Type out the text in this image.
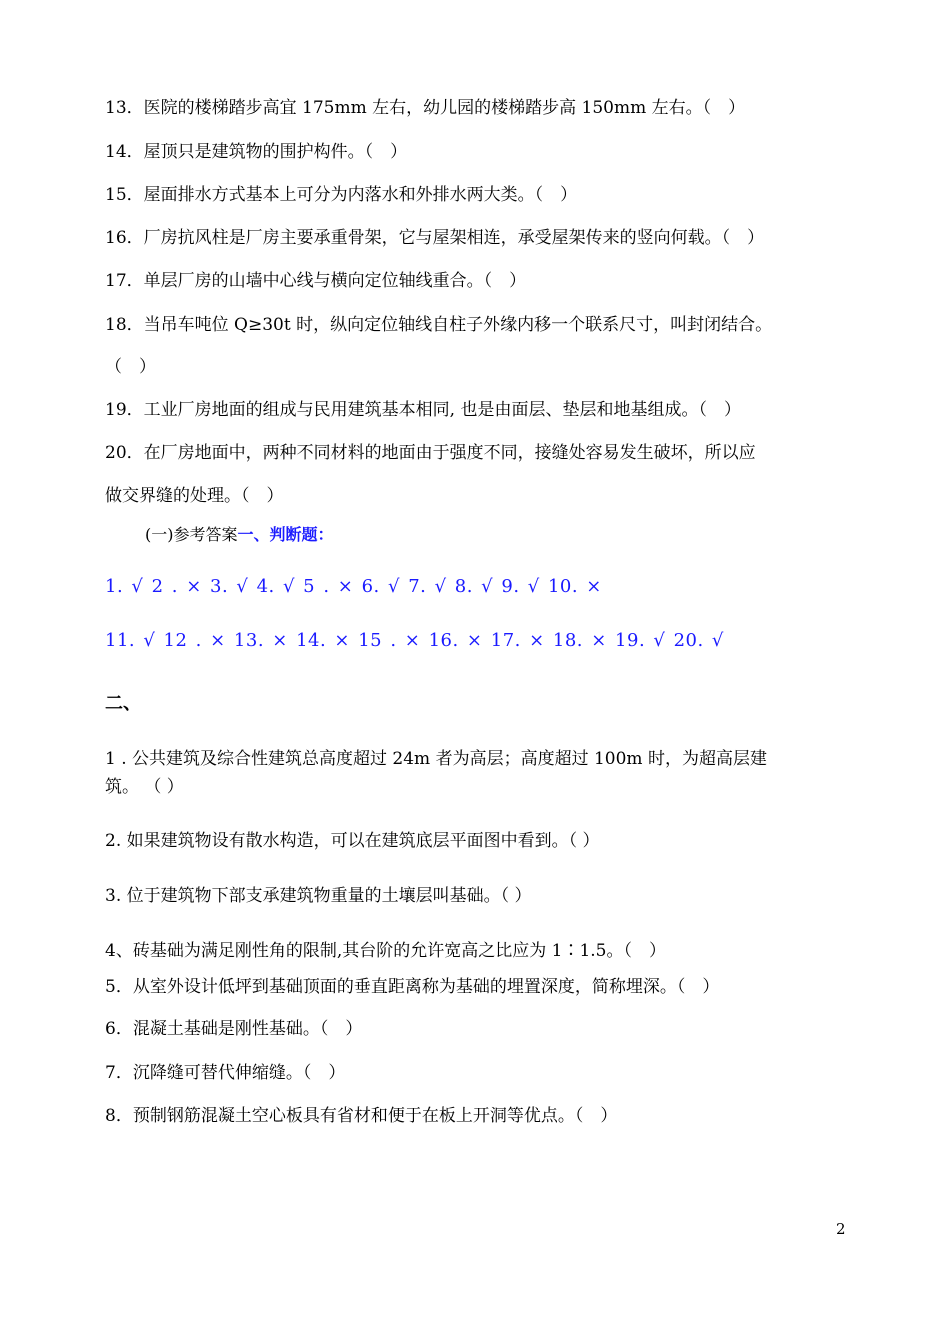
13．医院的楼梯踏步高宜 175mm 左右，幼儿园的楼梯踏步高 150mm 左右。（　）
14．屋顶只是建筑物的围护构件。（　）
15．屋面排水方式基本上可分为内落水和外排水两大类。（　）
16．厂房抗风柱是厂房主要承重骨架，它与屋架相连，承受屋架传来的竖向何载。（　）
17．单层厂房的山墙中心线与横向定位轴线重合。（　）
18．当吊车吨位 Q≥30t 时，纵向定位轴线自柱子外缘内移一个联系尺寸，叫封闭结合。
（　）
19．工业厂房地面的组成与民用建筑基本相同, 也是由面层、垫层和地基组成。（　）
20．在厂房地面中，两种不同材料的地面由于强度不同，接缝处容易发生破坏，所以应
做交界缝的处理。（　）
(一)参考答案一、判断题：
1. √ 2 . × 3. √ 4. √ 5 . × 6. √ 7. √ 8. √ 9. √ 10. ×
11. √ 12 . × 13. × 14. × 15 . × 16. × 17. × 18. × 19. √ 20. √
二、
1 . 公共建筑及综合性建筑总高度超过 24m 者为高层；高度超过 100m 时，为超高层建
筑。 （ ）
2. 如果建筑物设有散水构造，可以在建筑底层平面图中看到。（ ）
3. 位于建筑物下部支承建筑物重量的土壤层叫基础。（ ）
4、砖基础为满足刚性角的限制,其台阶的允许宽高之比应为 1∶1.5。（　）
5．从室外设计低坪到基础顶面的垂直距离称为基础的埋置深度，简称埋深。（　）
6．混凝土基础是刚性基础。（　）
7．沉降缝可替代伸缩缝。（　）
8．预制钢筋混凝土空心板具有省材和便于在板上开洞等优点。（　）
2
